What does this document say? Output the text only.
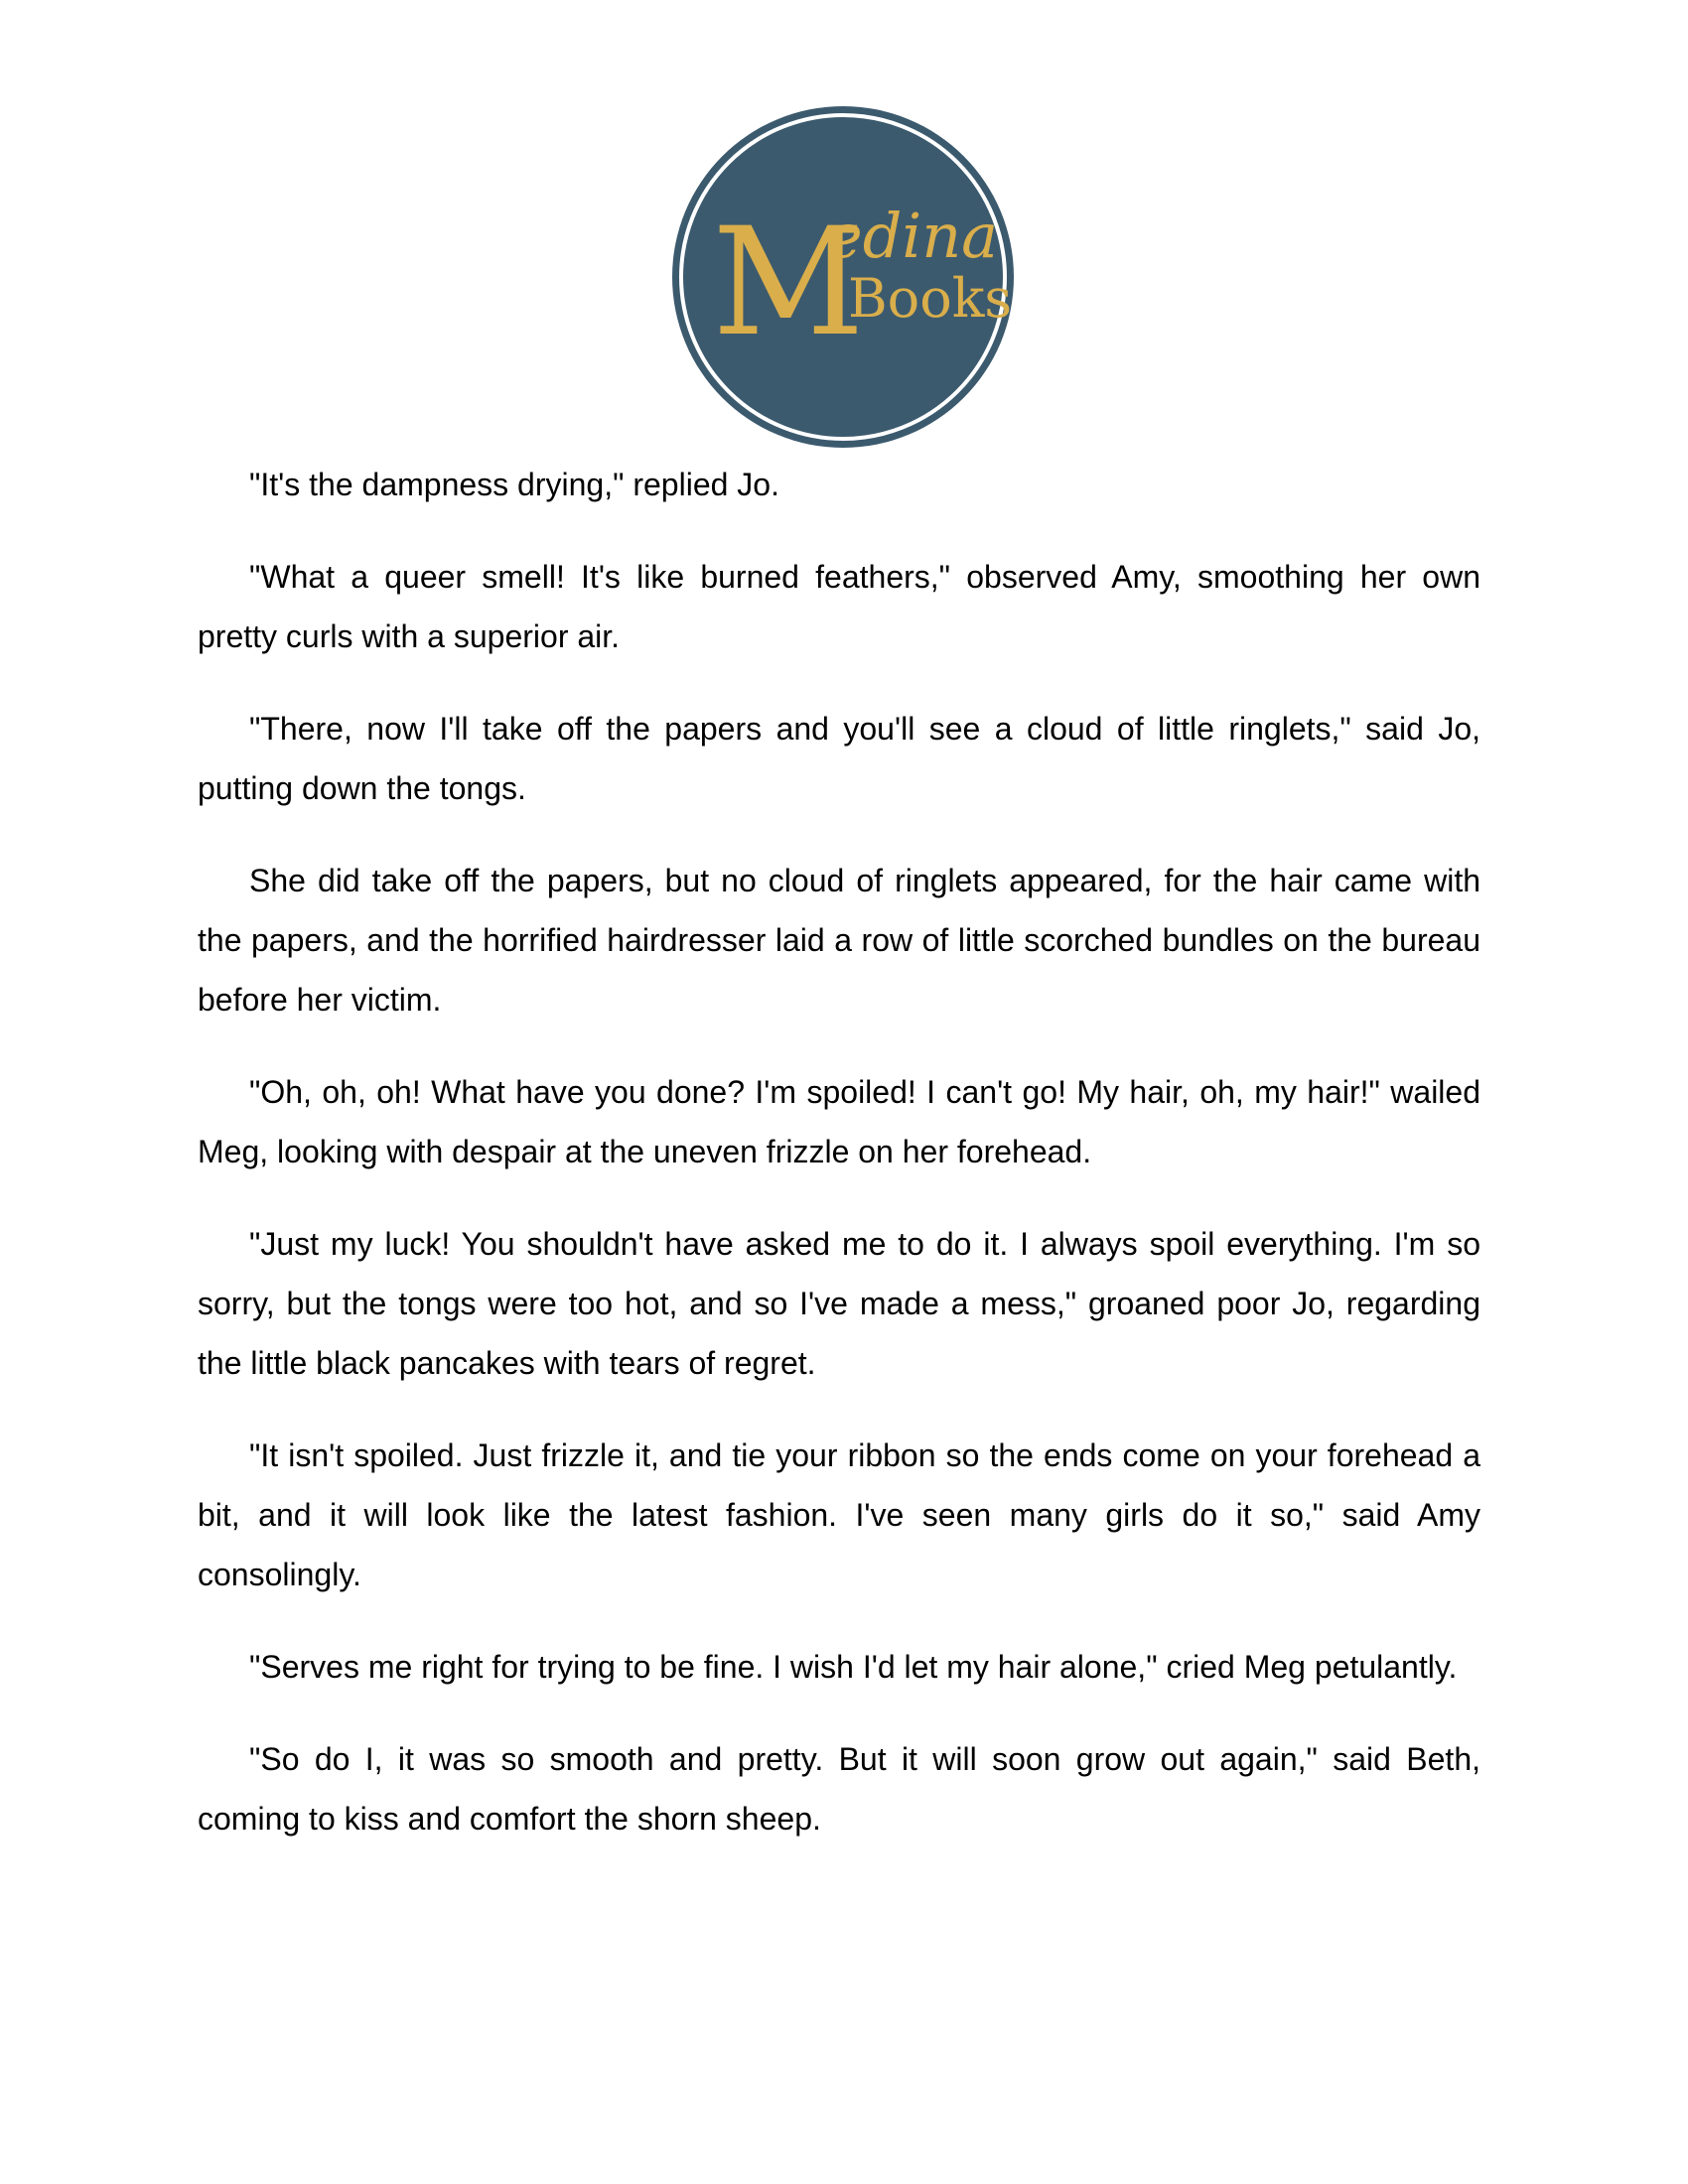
M
edina
Books

"It's the dampness drying," replied Jo.

"What a queer smell! It's like burned feathers," observed Amy, smoothing her own pretty curls with a superior air.

"There, now I'll take off the papers and you'll see a cloud of little ringlets," said Jo, putting down the tongs.

She did take off the papers, but no cloud of ringlets appeared, for the hair came with the papers, and the horrified hairdresser laid a row of little scorched bundles on the bureau before her victim.

"Oh, oh, oh! What have you done? I'm spoiled! I can't go! My hair, oh, my hair!" wailed Meg, looking with despair at the uneven frizzle on her forehead.

"Just my luck! You shouldn't have asked me to do it. I always spoil everything. I'm so sorry, but the tongs were too hot, and so I've made a mess," groaned poor Jo, regarding the little black pancakes with tears of regret.

"It isn't spoiled. Just frizzle it, and tie your ribbon so the ends come on your forehead a bit, and it will look like the latest fashion. I've seen many girls do it so," said Amy consolingly.

"Serves me right for trying to be fine. I wish I'd let my hair alone," cried Meg petulantly.

"So do I, it was so smooth and pretty. But it will soon grow out again," said Beth, coming to kiss and comfort the shorn sheep.
